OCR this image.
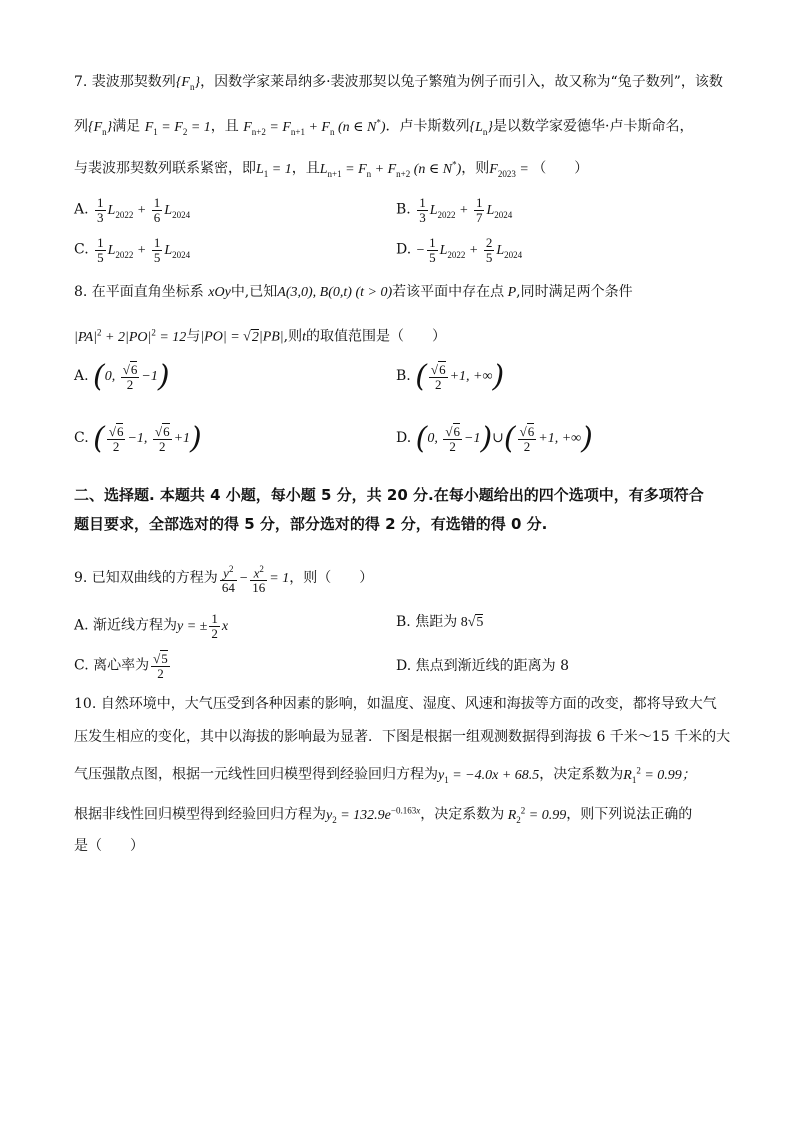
7. 裴波那契数列$\{F_n\}$，因数学家莱昂纳多·裴波那契以兔子繁殖为例子而引入，故又称为“兔子数列”，该数
列$\{F_n\}$满足 $F_1 = F_2 = 1$，且 $F_{n+2} = F_{n+1} + F_n$ (n ∈ N*)．卢卡斯数列$\{L_n\}$是以数学家爱德华·卢卡斯命名，
与裴波那契数列联系紧密，即$L_1 = 1$，且$L_{n+1} = F_n + F_{n+2}$ (n ∈ N*)，则$F_{2023}$ = （　　）
A. $\frac{1}{3} L_{2022} + \frac{1}{6} L_{2024}$	B. $\frac{1}{3} L_{2022} + \frac{1}{7} L_{2024}$
C. $\frac{1}{5} L_{2022} + \frac{1}{5} L_{2024}$	D. − $\frac{1}{5} L_{2022} + \frac{2}{5} L_{2024}$
8. 在平面直角坐标系 xOy中,已知A(3,0), B(0,t) (t > 0)若该平面中存在点 P,同时满足两个条件
$|PA|^2 + 2|PO|^2 = 12$与|PO| = √2|PB|,则t的取值范围是（　　）
A. (0, $\frac{√6}{2} -1$)	B. ( $\frac{√6}{2} +1$, +∞)
C. ( $\frac{√6}{2} -1$, $\frac{√6}{2} +1$)	D. (0, $\frac{√6}{2}$ −1)∪( $\frac{√6}{2} +1$, +∞)
二、选择题. 本题共 4 小题，每小题 5 分，共 20 分.在每小题给出的四个选项中，有多项符合
题目要求，全部选对的得 5 分，部分选对的得 2 分，有选错的得 0 分.
9. 已知双曲线的方程为 $\frac{y^2}{64} - \frac{x^2}{16} = 1$，则（　　）
A. 渐近线方程为y = ± $\frac{1}{2}$ x	B. 焦距为 8√5
C. 离心率为 $\frac{√5}{2}$	D. 焦点到渐近线的距离为 8
10. 自然环境中，大气压受到各种因素的影响，如温度、湿度、风速和海拔等方面的改变，都将导致大气
压发生相应的变化，其中以海拔的影响最为显著．下图是根据一组观测数据得到海拔 6 千米～15 千米的大
气压强散点图，根据一元线性回归模型得到经验回归方程为$y_1 = -4.0x + 68.5$，决定系数为$R_1^2 = 0.99$；
根据非线性回归模型得到经验回归方程为$y_2 = 132.9e^{-0.163x}$，决定系数为 $R_2^2 = 0.99$，则下列说法正确的
是（　　）
